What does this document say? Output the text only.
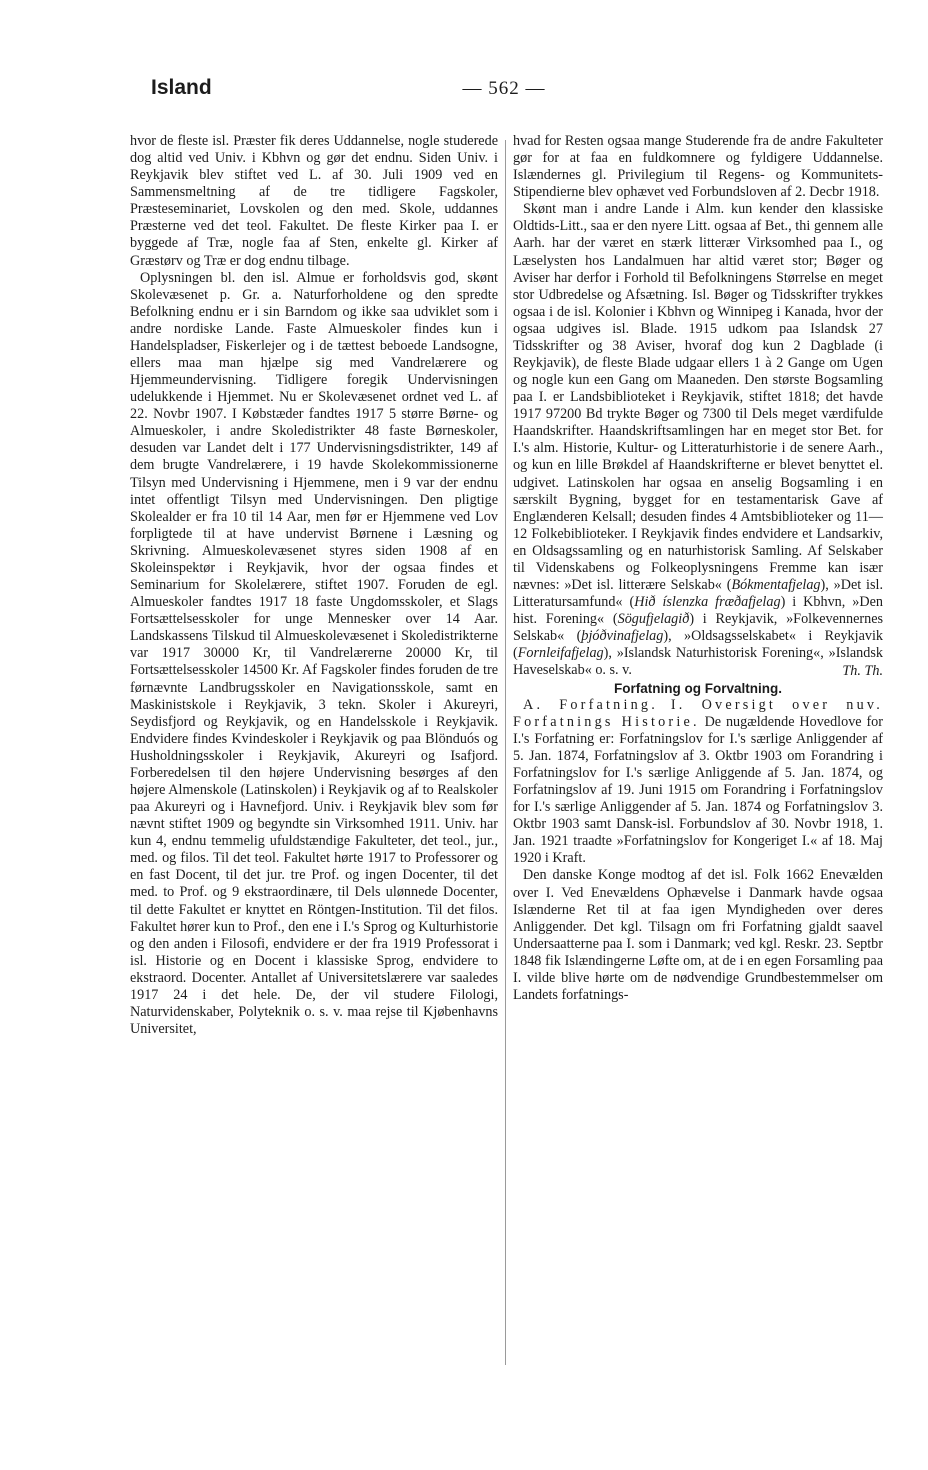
Island	— 562 —

hvor de fleste isl. Præster fik deres Uddannelse, nogle studerede dog altid ved Univ. i Kbhvn og gør det endnu. Siden Univ. i Reykjavik blev stiftet ved L. af 30. Juli 1909 ved en Sammensmeltning af de tre tidligere Fagskoler, Præsteseminariet, Lovskolen og den med. Skole, uddannes Præsterne ved det teol. Fakultet. De fleste Kirker paa I. er byggede af Træ, nogle faa af Sten, enkelte gl. Kirker af Græstørv og Træ er dog endnu tilbage.

Oplysningen bl. den isl. Almue er forholdsvis god, skønt Skolevæsenet p. Gr. a. Naturforholdene og den spredte Befolkning endnu er i sin Barndom og ikke saa udviklet som i andre nordiske Lande. Faste Almueskoler findes kun i Handelspladser, Fiskerlejer og i de tættest beboede Landsogne, ellers maa man hjælpe sig med Vandrelærere og Hjemmeundervisning. Tidligere foregik Undervisningen udelukkende i Hjemmet. Nu er Skolevæsenet ordnet ved L. af 22. Novbr 1907. I Købstæder fandtes 1917 5 større Børne- og Almueskoler, i andre Skoledistrikter 48 faste Børneskoler, desuden var Landet delt i 177 Undervisningsdistrikter, 149 af dem brugte Vandrelærere, i 19 havde Skolekommissionerne Tilsyn med Undervisning i Hjemmene, men i 9 var der endnu intet offentligt Tilsyn med Undervisningen. Den pligtige Skolealder er fra 10 til 14 Aar, men før er Hjemmene ved Lov forpligtede til at have undervist Børnene i Læsning og Skrivning. Almueskolevæsenet styres siden 1908 af en Skoleinspektør i Reykjavik, hvor der ogsaa findes et Seminarium for Skolelærere, stiftet 1907. Foruden de egl. Almueskoler fandtes 1917 18 faste Ungdomsskoler, et Slags Fortsættelsesskoler for unge Mennesker over 14 Aar. Landskassens Tilskud til Almueskolevæsenet i Skoledistrikterne var 1917 30000 Kr, til Vandrelærerne 20000 Kr, til Fortsættelsesskoler 14500 Kr. Af Fagskoler findes foruden de tre førnævnte Landbrugsskoler en Navigationsskole, samt en Maskinistskole i Reykjavik, 3 tekn. Skoler i Akureyri, Seydisfjord og Reykjavik, og en Handelsskole i Reykjavik. Endvidere findes Kvindeskoler i Reykjavik og paa Blönduós og Husholdningsskoler i Reykjavik, Akureyri og Isafjord. Forberedelsen til den højere Undervisning besørges af den højere Almenskole (Latinskolen) i Reykjavik og af to Realskoler paa Akureyri og i Havnefjord. Univ. i Reykjavik blev som før nævnt stiftet 1909 og begyndte sin Virksomhed 1911. Univ. har kun 4, endnu temmelig ufuldstændige Fakulteter, det teol., jur., med. og filos. Til det teol. Fakultet hørte 1917 to Professorer og en fast Docent, til det jur. tre Prof. og ingen Docenter, til det med. to Prof. og 9 ekstraordinære, til Dels ulønnede Docenter, til dette Fakultet er knyttet en Röntgen-Institution. Til det filos. Fakultet hører kun to Prof., den ene i I.'s Sprog og Kulturhistorie og den anden i Filosofi, endvidere er der fra 1919 Professorat i isl. Historie og en Docent i klassiske Sprog, endvidere to ekstraord. Docenter. Antallet af Universitetslærere var saaledes 1917 24 i det hele. De, der vil studere Filologi, Naturvidenskaber, Polyteknik o. s. v. maa rejse til Kjøbenhavns Universitet,

hvad for Resten ogsaa mange Studerende fra de andre Fakulteter gør for at faa en fuldkomnere og fyldigere Uddannelse. Islændernes gl. Privilegium til Regens- og Kommunitets-Stipendierne blev ophævet ved Forbundsloven af 2. Decbr 1918.

Skønt man i andre Lande i Alm. kun kender den klassiske Oldtids-Litt., saa er den nyere Litt. ogsaa af Bet., thi gennem alle Aarh. har der været en stærk litterær Virksomhed paa I., og Læselysten hos Landalmuen har altid været stor; Bøger og Aviser har derfor i Forhold til Befolkningens Størrelse en meget stor Udbredelse og Afsætning. Isl. Bøger og Tidsskrifter trykkes ogsaa i de isl. Kolonier i Kbhvn og Winnipeg i Kanada, hvor der ogsaa udgives isl. Blade. 1915 udkom paa Islandsk 27 Tidsskrifter og 38 Aviser, hvoraf dog kun 2 Dagblade (i Reykjavik), de fleste Blade udgaar ellers 1 à 2 Gange om Ugen og nogle kun een Gang om Maaneden. Den største Bogsamling paa I. er Landsbiblioteket i Reykjavik, stiftet 1818; det havde 1917 97200 Bd trykte Bøger og 7300 til Dels meget værdifulde Haandskrifter. Haandskriftsamlingen har en meget stor Bet. for I.'s alm. Historie, Kultur- og Litteraturhistorie i de senere Aarh., og kun en lille Brøkdel af Haandskrifterne er blevet benyttet el. udgivet. Latinskolen har ogsaa en anselig Bogsamling i en særskilt Bygning, bygget for en testamentarisk Gave af Englænderen Kelsall; desuden findes 4 Amtsbiblioteker og 11—12 Folkebiblioteker. I Reykjavik findes endvidere et Landsarkiv, en Oldsagssamling og en naturhistorisk Samling. Af Selskaber til Videnskabens og Folkeoplysningens Fremme kan især nævnes: »Det isl. litterære Selskab« (Bókmentafjelag), »Det isl. Litteratursamfund« (Hið íslenzka fræðafjelag) i Kbhvn, »Den hist. Forening« (Sögufjelagið) i Reykjavik, »Folkevennernes Selskab« (þjóðvinafjelag), »Oldsagsselskabet« i Reykjavik (Fornleifafjelag), »Islandsk Naturhistorisk Forening«, »Islandsk Haveselskab« o. s. v.	Th. Th.

Forfatning og Forvaltning.

A. Forfatning. I. Oversigt over nuv. Forfatnings Historie. De nugældende Hovedlove for I.'s Forfatning er: Forfatningslov for I.'s særlige Anliggender af 5. Jan. 1874, Forfatningslov af 3. Oktbr 1903 om Forandring i Forfatningslov for I.'s særlige Anliggende af 5. Jan. 1874, og Forfatningslov af 19. Juni 1915 om Forandring i Forfatningslov for I.'s særlige Anliggender af 5. Jan. 1874 og Forfatningslov 3. Oktbr 1903 samt Dansk-isl. Forbundslov af 30. Novbr 1918, 1. Jan. 1921 traadte »Forfatningslov for Kongeriget I.« af 18. Maj 1920 i Kraft.

Den danske Konge modtog af det isl. Folk 1662 Enevælden over I. Ved Enevældens Ophævelse i Danmark havde ogsaa Islænderne Ret til at faa igen Myndigheden over deres Anliggender. Det kgl. Tilsagn om fri Forfatning gjaldt saavel Undersaatterne paa I. som i Danmark; ved kgl. Reskr. 23. Septbr 1848 fik Islændingerne Løfte om, at de i en egen Forsamling paa I. vilde blive hørte om de nødvendige Grundbestemmelser om Landets forfatnings-
